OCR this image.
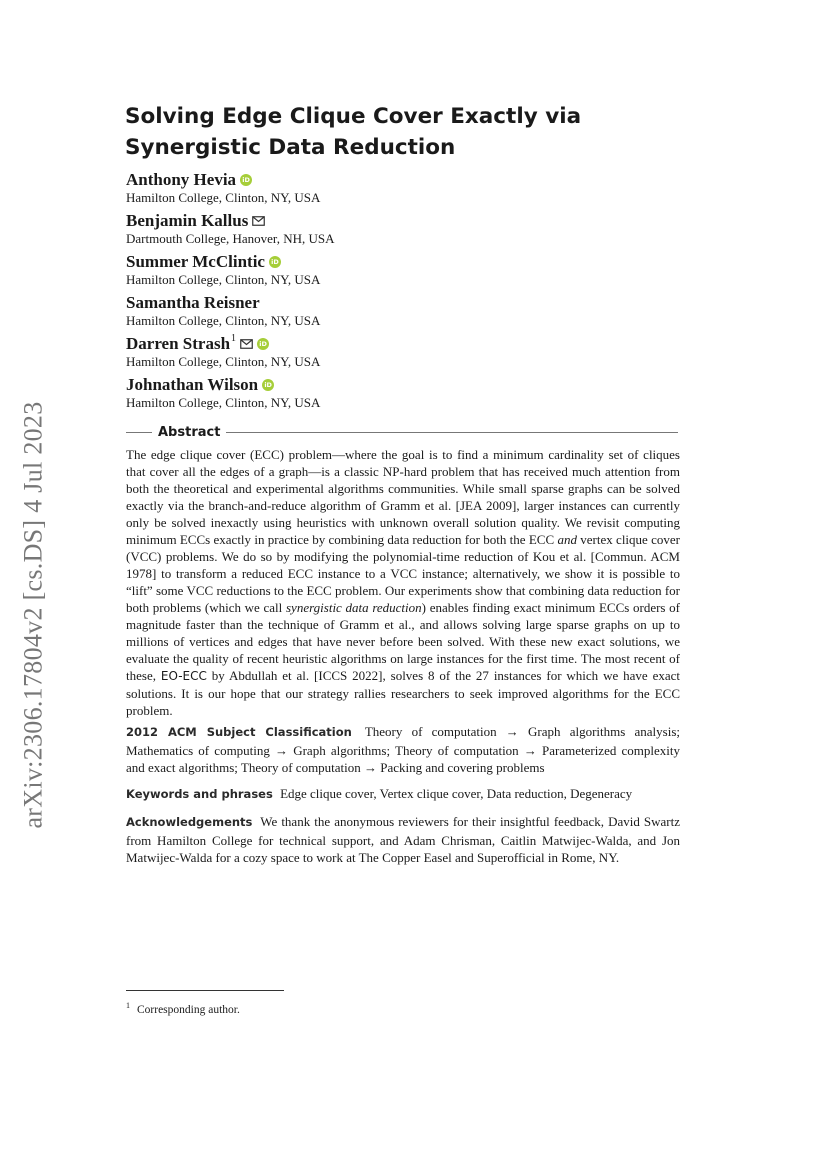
arXiv:2306.17804v2 [cs.DS] 4 Jul 2023
Solving Edge Clique Cover Exactly via Synergistic Data Reduction
Anthony Hevia iD
Hamilton College, Clinton, NY, USA
Benjamin Kallus
Dartmouth College, Hanover, NH, USA
Summer McClintic iD
Hamilton College, Clinton, NY, USA
Samantha Reisner
Hamilton College, Clinton, NY, USA
Darren Strash$^1$	iD
Hamilton College, Clinton, NY, USA
Johnathan Wilson iD
Hamilton College, Clinton, NY, USA
Abstract

The edge clique cover (ECC) problem—where the goal is to find a minimum cardinality set of cliques that cover all the edges of a graph—is a classic NP-hard problem that has received much attention from both the theoretical and experimental algorithms communities. While small sparse graphs can be solved exactly via the branch-and-reduce algorithm of Gramm et al. [JEA 2009], larger instances can currently only be solved inexactly using heuristics with unknown overall solution quality. We revisit computing minimum ECCs exactly in practice by combining data reduction for both the ECC and vertex clique cover (VCC) problems. We do so by modifying the polynomial-time reduction of Kou et al. [Commun. ACM 1978] to transform a reduced ECC instance to a VCC instance; alternatively, we show it is possible to “lift” some VCC reductions to the ECC problem. Our experiments show that combining data reduction for both problems (which we call synergistic data reduction) enables finding exact minimum ECCs orders of magnitude faster than the technique of Gramm et al., and allows solving large sparse graphs on up to millions of vertices and edges that have never before been solved. With these new exact solutions, we evaluate the quality of recent heuristic algorithms on large instances for the first time. The most recent of these, EO-ECC by Abdullah et al. [ICCS 2022], solves 8 of the 27 instances for which we have exact solutions. It is our hope that our strategy rallies researchers to seek improved algorithms for the ECC problem.

2012 ACM Subject Classification Theory of computation → Graph algorithms analysis; Mathematics of computing → Graph algorithms; Theory of computation → Parameterized complexity and exact algorithms; Theory of computation → Packing and covering problems

Keywords and phrases Edge clique cover, Vertex clique cover, Data reduction, Degeneracy

Acknowledgements We thank the anonymous reviewers for their insightful feedback, David Swartz from Hamilton College for technical support, and Adam Chrisman, Caitlin Matwijec-Walda, and Jon Matwijec-Walda for a cozy space to work at The Copper Easel and Superofficial in Rome, NY.

$^1$ Corresponding author.
